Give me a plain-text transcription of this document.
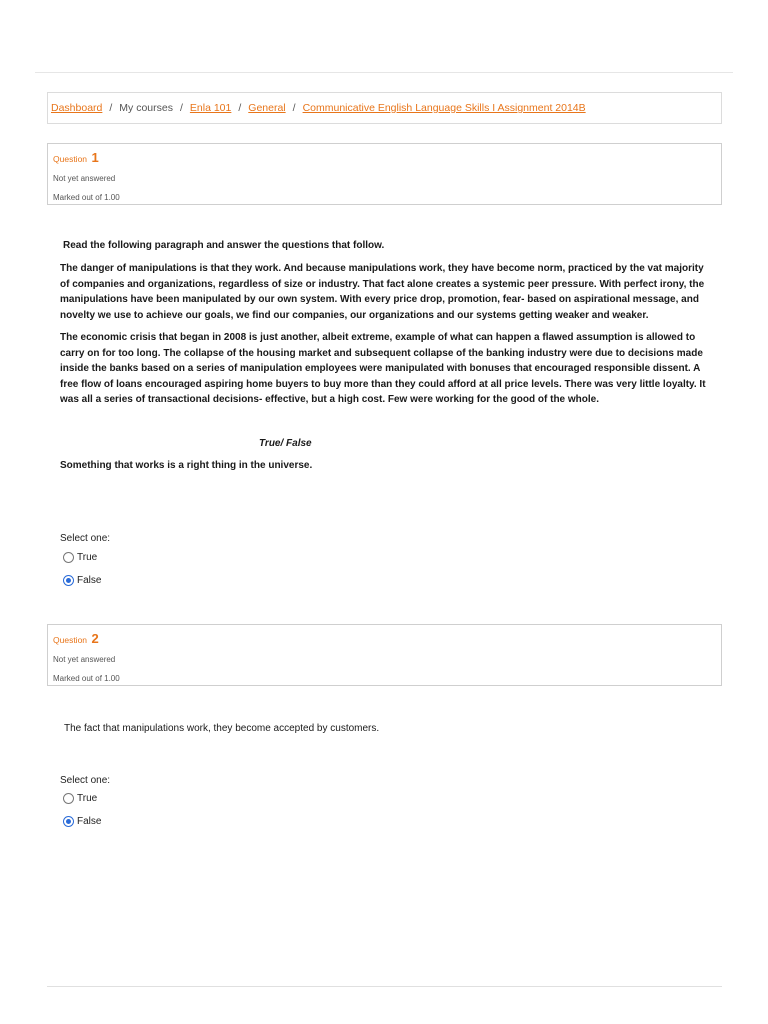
Dashboard / My courses / Enla 101 / General / Communicative English Language Skills I Assignment 2014B
Question 1
Not yet answered
Marked out of 1.00
Read the following paragraph and answer the questions that follow.
The danger of manipulations is that they work. And because manipulations work, they have become norm, practiced by the vat majority of companies and organizations, regardless of size or industry. That fact alone creates a systemic peer pressure. With perfect irony, the manipulations have been manipulated by our own system. With every price drop, promotion, fear- based on aspirational message, and novelty we use to achieve our goals, we find our companies, our organizations and our systems getting weaker and weaker.
The economic crisis that began in 2008 is just another, albeit extreme, example of what can happen a flawed assumption is allowed to carry on for too long. The collapse of the housing market and subsequent collapse of the banking industry were due to decisions made inside the banks based on a series of manipulation employees were manipulated with bonuses that encouraged responsible dissent. A free flow of loans encouraged aspiring home buyers to buy more than they could afford at all price levels. There was very little loyalty. It was all a series of transactional decisions- effective, but a high cost. Few were working for the good of the whole.
True/ False
Something that works is a right thing in the universe.
Select one:
True
False
Question 2
Not yet answered
Marked out of 1.00
The fact that manipulations work, they become accepted by customers.
Select one:
True
False
